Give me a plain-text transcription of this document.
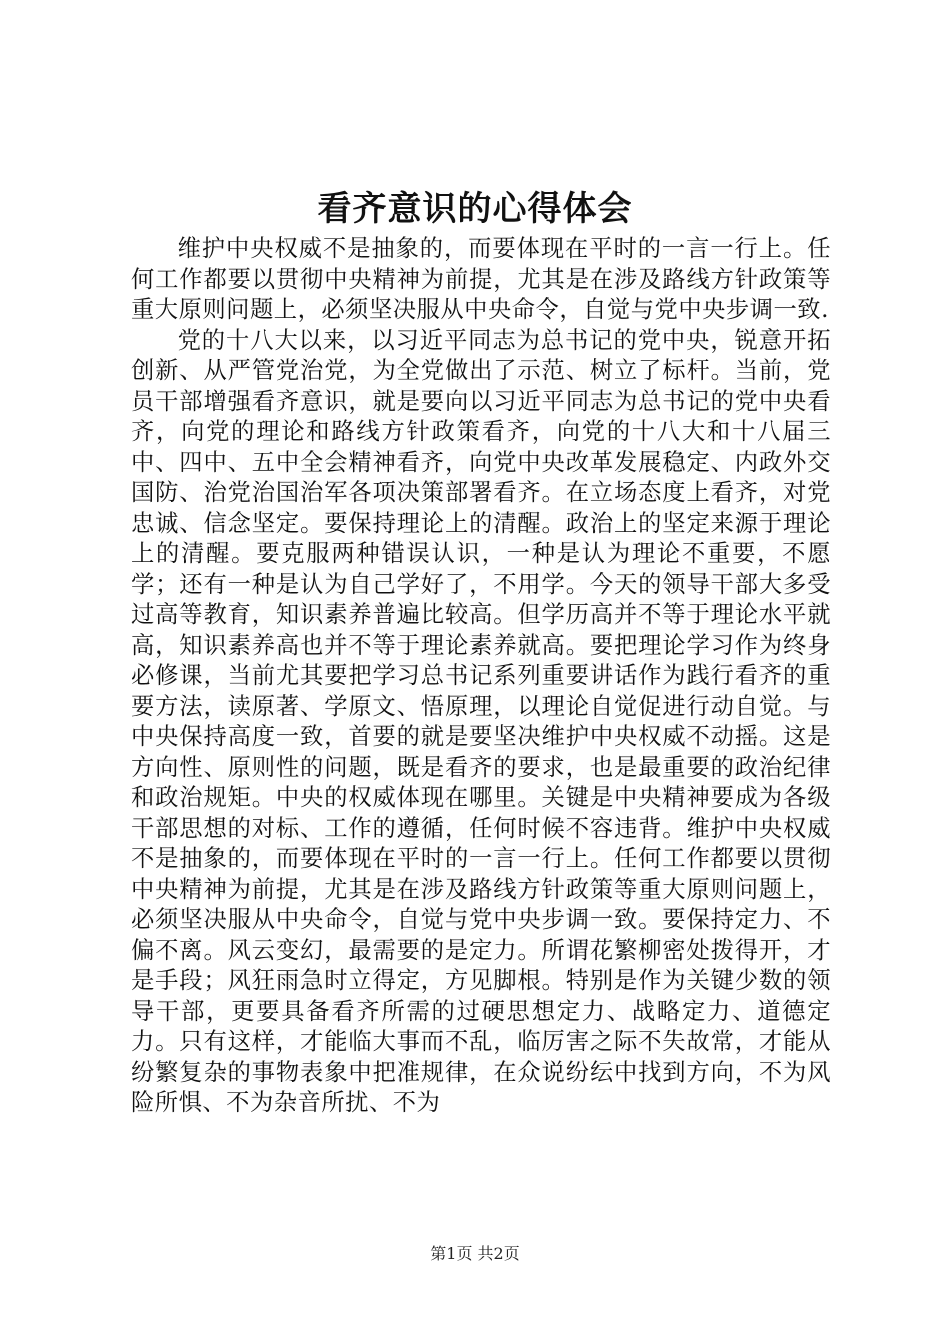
看齐意识的心得体会

维护中央权威不是抽象的，而要体现在平时的一言一行上。任何工作都要以贯彻中央精神为前提，尤其是在涉及路线方针政策等重大原则问题上，必须坚决服从中央命令，自觉与党中央步调一致.

党的十八大以来，以习近平同志为总书记的党中央，锐意开拓创新、从严管党治党，为全党做出了示范、树立了标杆。当前，党员干部增强看齐意识，就是要向以习近平同志为总书记的党中央看齐，向党的理论和路线方针政策看齐，向党的十八大和十八届三中、四中、五中全会精神看齐，向党中央改革发展稳定、内政外交国防、治党治国治军各项决策部署看齐。在立场态度上看齐，对党忠诚、信念坚定。要保持理论上的清醒。政治上的坚定来源于理论上的清醒。要克服两种错误认识，一种是认为理论不重要，不愿学；还有一种是认为自己学好了，不用学。今天的领导干部大多受过高等教育，知识素养普遍比较高。但学历高并不等于理论水平就高，知识素养高也并不等于理论素养就高。要把理论学习作为终身必修课，当前尤其要把学习总书记系列重要讲话作为践行看齐的重要方法，读原著、学原文、悟原理，以理论自觉促进行动自觉。与中央保持高度一致，首要的就是要坚决维护中央权威不动摇。这是方向性、原则性的问题，既是看齐的要求，也是最重要的政治纪律和政治规矩。中央的权威体现在哪里。关键是中央精神要成为各级干部思想的对标、工作的遵循，任何时候不容违背。维护中央权威不是抽象的，而要体现在平时的一言一行上。任何工作都要以贯彻中央精神为前提，尤其是在涉及路线方针政策等重大原则问题上，必须坚决服从中央命令，自觉与党中央步调一致。要保持定力、不偏不离。风云变幻，最需要的是定力。所谓花繁柳密处拨得开，才是手段；风狂雨急时立得定，方见脚根。特别是作为关键少数的领导干部，更要具备看齐所需的过硬思想定力、战略定力、道德定力。只有这样，才能临大事而不乱，临厉害之际不失故常，才能从纷繁复杂的事物表象中把准规律，在众说纷纭中找到方向，不为风险所惧、不为杂音所扰、不为

第1页 共2页
